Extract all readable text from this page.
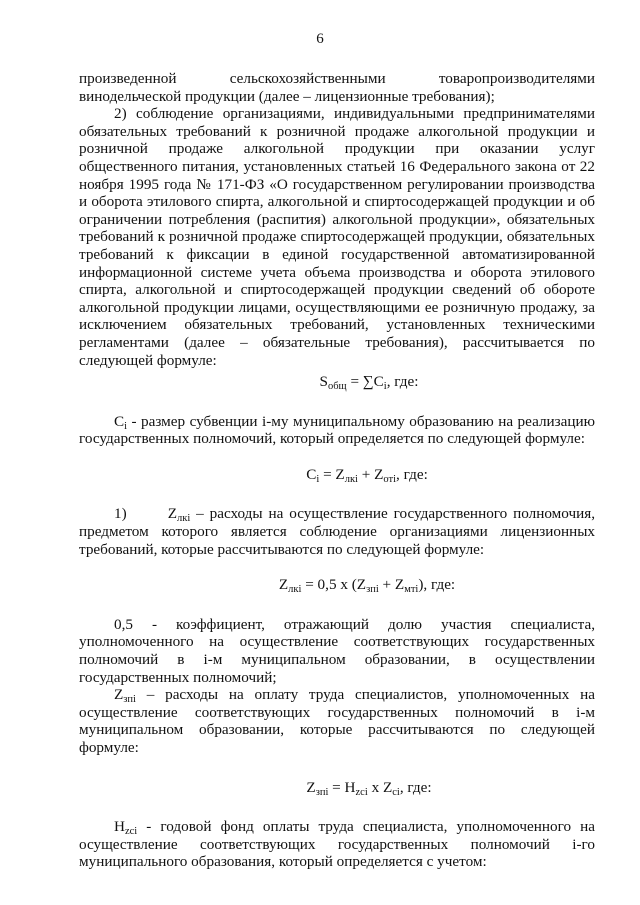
6

произведенной сельскохозяйственными товаропроизводителями винодельческой продукции (далее – лицензионные требования);

2) соблюдение организациями, индивидуальными предпринимателями обязательных требований к розничной продаже алкогольной продукции и розничной продаже алкогольной продукции при оказании услуг общественного питания, установленных статьей 16 Федерального закона от 22 ноября 1995 года № 171-ФЗ «О государственном регулировании производства и оборота этилового спирта, алкогольной и спиртосодержащей продукции и об ограничении потребления (распития) алкогольной продукции», обязательных требований к розничной продаже спиртосодержащей продукции, обязательных требований к фиксации в единой государственной автоматизированной информационной системе учета объема производства и оборота этилового спирта, алкогольной и спиртосодержащей продукции сведений об обороте алкогольной продукции лицами, осуществляющими ее розничную продажу, за исключением обязательных требований, установленных техническими регламентами (далее – обязательные требования), рассчитывается по следующей формуле:

$S_{общ} = \sum C_i$, где:

$C_i$ - размер субвенции i-му муниципальному образованию на реализацию государственных полномочий, который определяется по следующей формуле:

$C_i = Z_{лкi} + Z_{отi}$, где:

1)	$Z_{лкi}$ – расходы на осуществление государственного полномочия, предметом которого является соблюдение организациями лицензионных требований, которые рассчитываются по следующей формуле:

$Z_{лкi} = 0,5$ x $(Z_{зпi} + Z_{мтi})$, где:

0,5 - коэффициент, отражающий долю участия специалиста, уполномоченного на осуществление соответствующих государственных полномочий в i-м муниципальном образовании, в осуществлении государственных полномочий;

$Z_{зпi}$ – расходы на оплату труда специалистов, уполномоченных на осуществление соответствующих государственных полномочий в i-м муниципальном образовании, которые рассчитываются по следующей формуле:

$Z_{зпi} = H_{zci}$ x $Z_{ci}$, где:

$H_{zci}$ - годовой фонд оплаты труда специалиста, уполномоченного на осуществление соответствующих государственных полномочий i-го муниципального образования, который определяется с учетом:
